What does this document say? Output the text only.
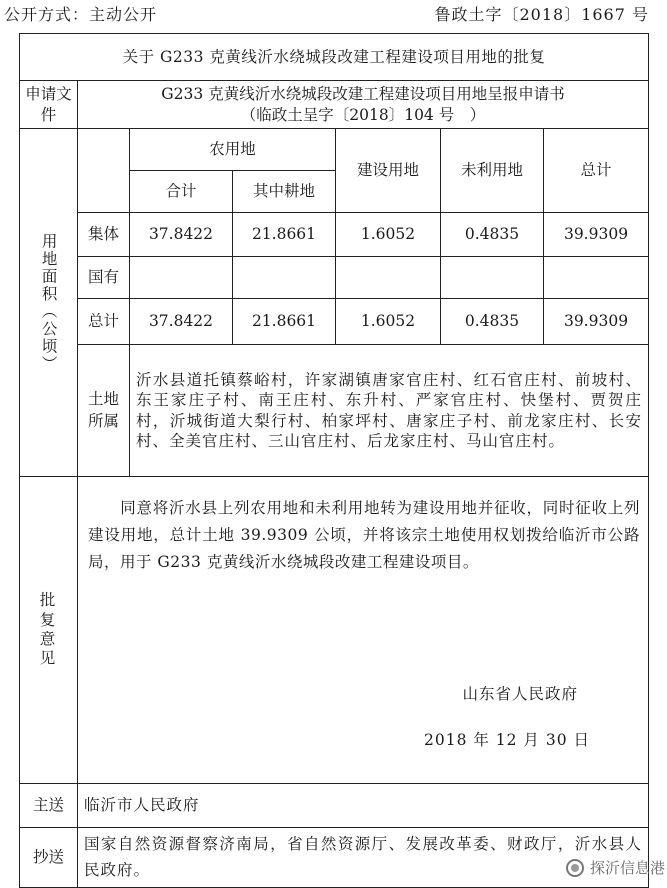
公开方式：主动公开	鲁政土字〔2018〕1667 号
关于 G233 克黄线沂水绕城段改建工程建设项目用地的批复						
申请文件	G233 克黄线沂水绕城段改建工程建设项目用地呈报申请书
（临政土呈字〔2018〕104 号　）					

用地面积（公顷）		农用地		建设用地	未利用地	总计
		合计	其中耕地			
	集体	37.8422	21.8661	1.6052	0.4835	39.9309
	国有					
	总计	37.8422	21.8661	1.6052	0.4835	39.9309

	土地所属	沂水县道托镇蔡峪村，许家湖镇唐家官庄村、红石官庄村、前坡村、东王家庄子村、南王庄村、东升村、严家官庄村、快堡村、贾贺庄村，沂城街道大梨行村、柏家坪村、唐家庄子村、前龙家庄村、长安村、全美官庄村、三山官庄村、后龙家庄村、马山官庄村。				

批复意见	同意将沂水县上列农用地和未利用地转为建设用地并征收，同时征收上列建设用地，总计土地 39.9309 公顷，并将该宗土地使用权划拨给临沂市公路局，用于 G233 克黄线沂水绕城段改建工程建设项目。
山东省人民政府
2018 年 12 月 30 日					

主送	临沂市人民政府					
抄送	国家自然资源督察济南局，省自然资源厅、发展改革委、财政厅，沂水县人民政府。						探沂信息港
